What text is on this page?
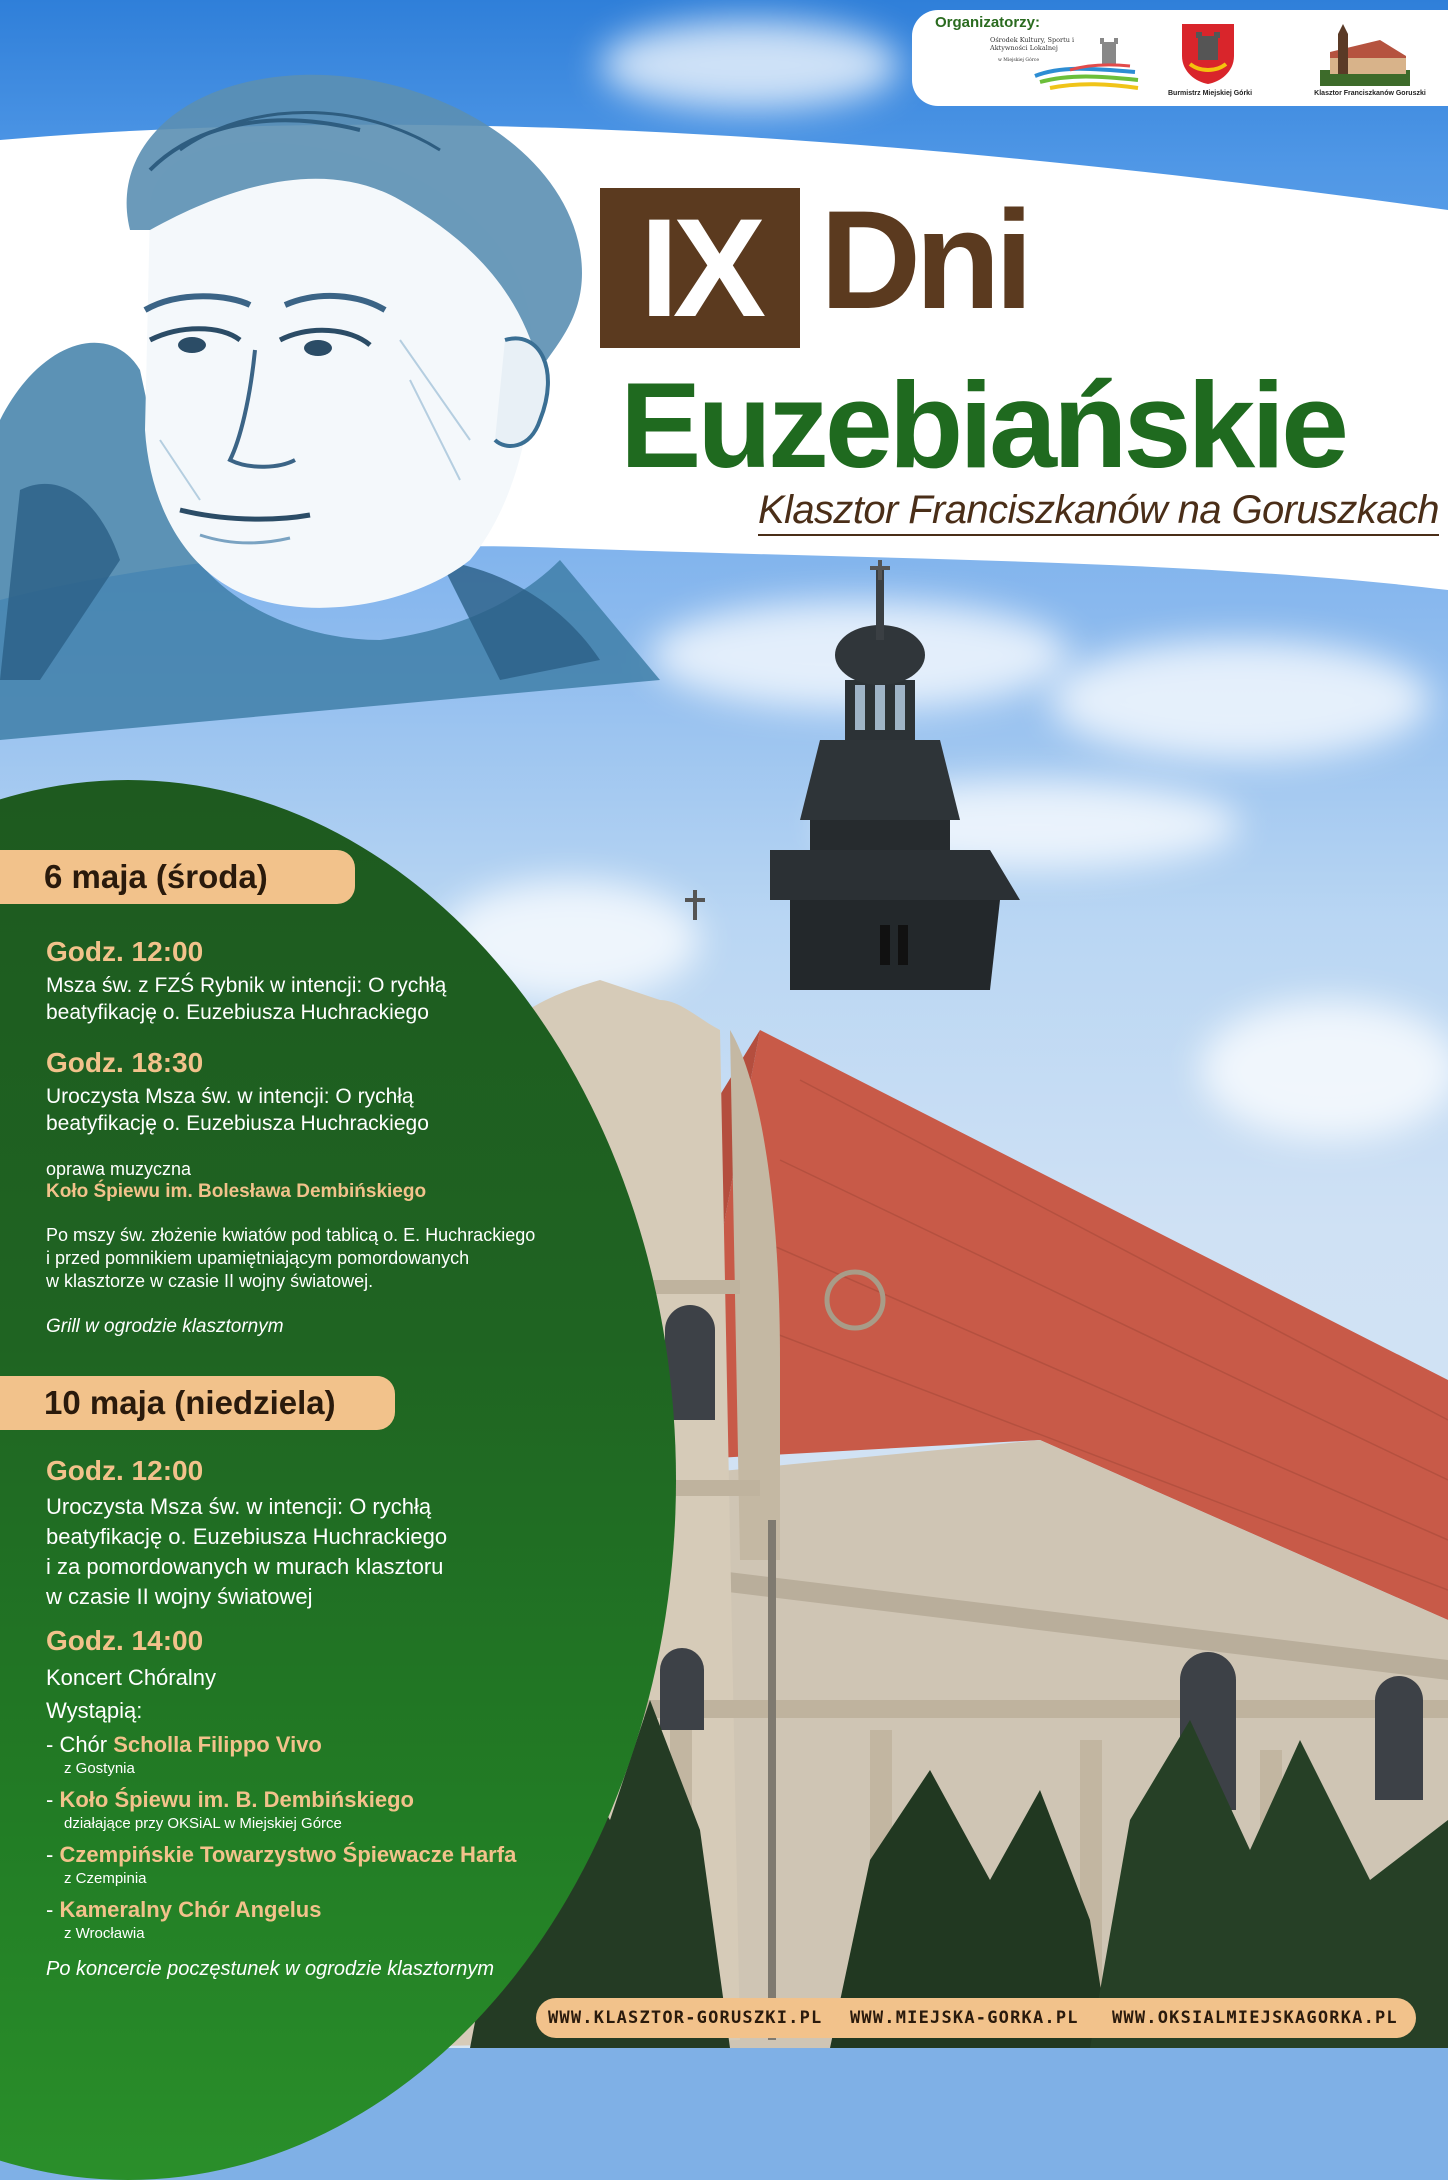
Organizatorzy:
Ośrodek Kultury, Sportu i Aktywności Lokalnej
w Miejskiej Górce
Burmistrz Miejskiej Górki	Klasztor Franciszkanów Goruszki
IX Dni
Euzebiańskie
Klasztor Franciszkanów na Goruszkach
6 maja (środa)
Godz. 12:00
Msza św. z FZŚ Rybnik w intencji: O rychłą
beatyfikację o. Euzebiusza Huchrackiego
Godz. 18:30
Uroczysta Msza św. w intencji: O rychłą
beatyfikację o. Euzebiusza Huchrackiego
oprawa muzyczna
Koło Śpiewu im. Bolesława Dembińskiego
Po mszy św. złożenie kwiatów pod tablicą o. E. Huchrackiego
i przed pomnikiem upamiętniającym pomordowanych
w klasztorze w czasie II wojny światowej.
Grill w ogrodzie klasztornym
10 maja (niedziela)
Godz. 12:00
Uroczysta Msza św. w intencji: O rychłą
beatyfikację o. Euzebiusza Huchrackiego
i za pomordowanych w murach klasztoru
w czasie II wojny światowej
Godz. 14:00
Koncert Chóralny
Wystąpią:
- Chór Scholla Filippo Vivo
z Gostynia
- Koło Śpiewu im. B. Dembińskiego
działające przy OKSiAL w Miejskiej Górce
- Czempińskie Towarzystwo Śpiewacze Harfa
z Czempinia
- Kameralny Chór Angelus
z Wrocławia
Po koncercie poczęstunek w ogrodzie klasztornym
WWW.KLASZTOR-GORUSZKI.PL WWW.MIEJSKA-GORKA.PL WWW.OKSIALMIEJSKAGORKA.PL
